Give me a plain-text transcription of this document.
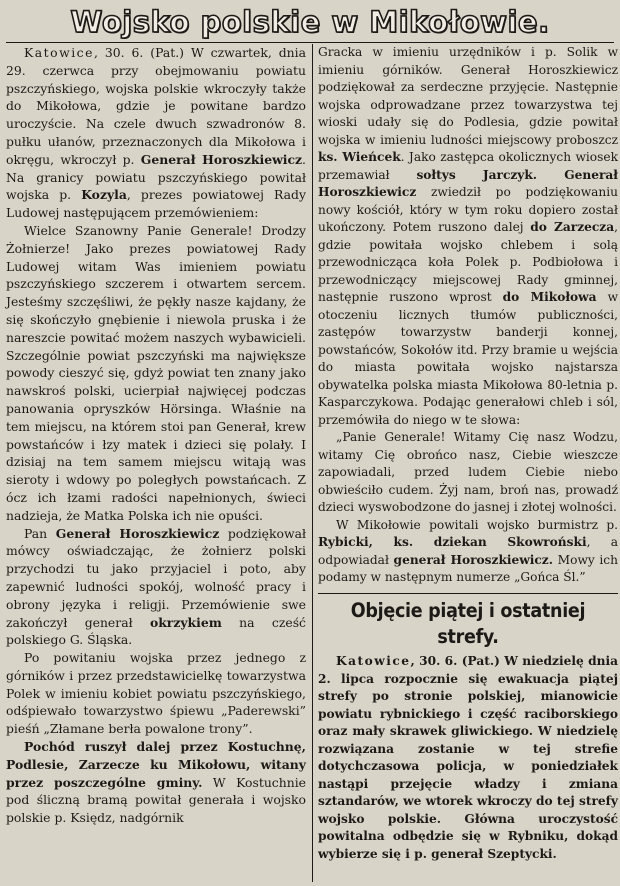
Wojsko polskie w Mikołowie.

Katowice, 30. 6. (Pat.) W czwartek, dnia 29. czerwca przy obejmowaniu powiatu pszczyńskiego, wojska polskie wkroczyły także do Mikołowa, gdzie je powitane bardzo uroczyście. Na czele dwuch szwadronów 8. pułku ułanów, przeznaczonych dla Mikołowa i okręgu, wkroczył p. Generał Horoszkiewicz. Na granicy powiatu pszczyńskiego powitał wojska p. Kozyla, prezes powiatowej Rady Ludowej następującem przemówieniem:

Wielce Szanowny Panie Generale! Drodzy Żołnierze! Jako prezes powiatowej Rady Ludowej witam Was imieniem powiatu pszczyńskiego szczerem i otwartem sercem. Jesteśmy szczęśliwi, że pękły nasze kajdany, że się skończyło gnębienie i niewola pruska i że nareszcie powitać możem naszych wybawicieli. Szczególnie powiat pszczyński ma największe powody cieszyć się, gdyż powiat ten znany jako nawskroś polski, ucierpiał najwięcej podczas panowania opryszków Hörsinga. Właśnie na tem miejscu, na którem stoi pan Generał, krew powstańców i łzy matek i dzieci się polały. I dzisiaj na tem samem miejscu witają was sieroty i wdowy po poległych powstańcach. Z ócz ich łzami radości napełnionych, świeci nadzieja, że Matka Polska ich nie opuści.

Pan Generał Horoszkiewicz podziękował mówcy oświadczając, że żołnierz polski przychodzi tu jako przyjaciel i poto, aby zapewnić ludności spokój, wolność pracy i obrony języka i religji. Przemówienie swe zakończył generał okrzykiem na cześć polskiego G. Śląska.

Po powitaniu wojska przez jednego z górników i przez przedstawicielkę towarzystwa Polek w imieniu kobiet powiatu pszczyńskiego, odśpiewało towarzystwo śpiewu „Paderewski” pieśń „Złamane berła powalone trony”.

Pochód ruszył dalej przez Kostuchnę, Podlesie, Zarzecze ku Mikołowu, witany przez poszczególne gminy. W Kostuchnie pod śliczną bramą powitał generała i wojsko polskie p. Księdz, nadgórnik

Gracka w imieniu urzędników i p. Solik w imieniu górników. Generał Horoszkiewicz podziękował za serdeczne przyjęcie. Następnie wojska odprowadzane przez towarzystwa tej wioski udały się do Podlesia, gdzie powitał wojska w imieniu ludności miejscowy proboszcz ks. Wieńcek. Jako zastępca okolicznych wiosek przemawiał sołtys Jarczyk. Generał Horoszkiewicz zwiedził po podziękowaniu nowy kościół, który w tym roku dopiero został ukończony. Potem ruszono dalej do Zarzecza, gdzie powitała wojsko chlebem i solą przewodnicząca koła Polek p. Podbiołowa i przewodniczący miejscowej Rady gminnej, następnie ruszono wprost do Mikołowa w otoczeniu licznych tłumów publiczności, zastępów towarzystw banderji konnej, powstańców, Sokołów itd. Przy bramie u wejścia do miasta powitała wojsko najstarsza obywatelka polska miasta Mikołowa 80-letnia p. Kasparczykowa. Podając generałowi chleb i sól, przemówiła do niego w te słowa:

„Panie Generale! Witamy Cię nasz Wodzu, witamy Cię obrońco nasz, Ciebie wieszcze zapowiadali, przed ludem Ciebie niebo obwieściło cudem. Żyj nam, broń nas, prowadź dzieci wyswobodzone do jasnej i złotej wolności.

W Mikołowie powitali wojsko burmistrz p. Rybicki, ks. dziekan Skowroński, a odpowiadał generał Horoszkiewicz. Mowy ich podamy w następnym numerze „Gońca Śl.”

Objęcie piątej i ostatniej strefy.

Katowice, 30. 6. (Pat.) W niedzielę dnia 2. lipca rozpocznie się ewakuacja piątej strefy po stronie polskiej, mianowicie powiatu rybnickiego i część raciborskiego oraz mały skrawek gliwickiego. W niedzielę rozwiązana zostanie w tej strefie dotychczasowa policja, w poniedziałek nastąpi przejęcie władzy i zmiana sztandarów, we wtorek wkroczy do tej strefy wojsko polskie. Główna uroczystość powitalna odbędzie się w Rybniku, dokąd wybierze się i p. generał Szeptycki.
